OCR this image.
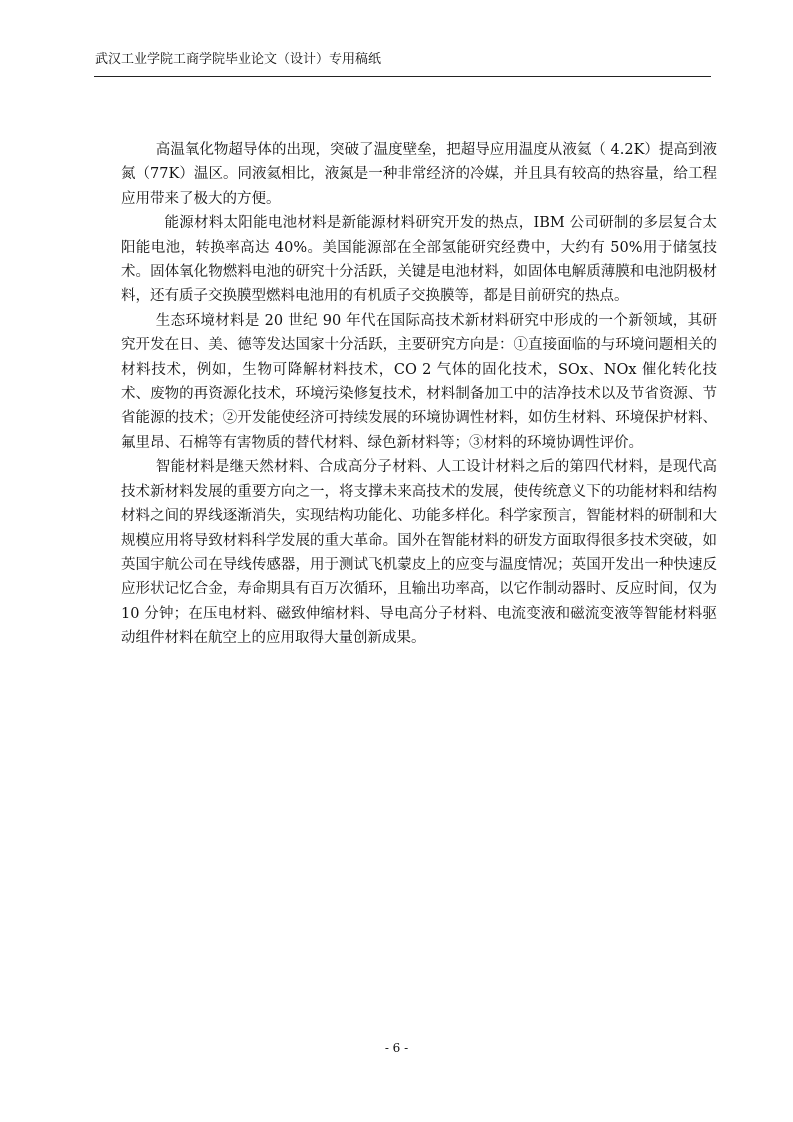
武汉工业学院工商学院毕业论文（设计）专用稿纸

高温氧化物超导体的出现，突破了温度壁垒，把超导应用温度从液氦（ 4.2K）提高到液氮（77K）温区。同液氦相比，液氮是一种非常经济的冷媒，并且具有较高的热容量，给工程应用带来了极大的方便。

能源材料太阳能电池材料是新能源材料研究开发的热点，IBM 公司研制的多层复合太阳能电池，转换率高达 40%。美国能源部在全部氢能研究经费中，大约有 50%用于储氢技术。固体氧化物燃料电池的研究十分活跃，关键是电池材料，如固体电解质薄膜和电池阴极材料，还有质子交换膜型燃料电池用的有机质子交换膜等，都是目前研究的热点。

生态环境材料是 20 世纪 90 年代在国际高技术新材料研究中形成的一个新领域，其研究开发在日、美、德等发达国家十分活跃，主要研究方向是：①直接面临的与环境问题相关的材料技术，例如，生物可降解材料技术，CO 2 气体的固化技术，SOx、NOx 催化转化技术、废物的再资源化技术，环境污染修复技术，材料制备加工中的洁净技术以及节省资源、节省能源的技术；②开发能使经济可持续发展的环境协调性材料，如仿生材料、环境保护材料、氟里昂、石棉等有害物质的替代材料、绿色新材料等；③材料的环境协调性评价。

智能材料是继天然材料、合成高分子材料、人工设计材料之后的第四代材料，是现代高技术新材料发展的重要方向之一，将支撑未来高技术的发展，使传统意义下的功能材料和结构材料之间的界线逐渐消失，实现结构功能化、功能多样化。科学家预言，智能材料的研制和大规模应用将导致材料科学发展的重大革命。国外在智能材料的研发方面取得很多技术突破，如英国宇航公司在导线传感器，用于测试飞机蒙皮上的应变与温度情况；英国开发出一种快速反应形状记忆合金，寿命期具有百万次循环，且输出功率高，以它作制动器时、反应时间，仅为 10 分钟；在压电材料、磁致伸缩材料、导电高分子材料、电流变液和磁流变液等智能材料驱动组件材料在航空上的应用取得大量创新成果。

- 6 -
